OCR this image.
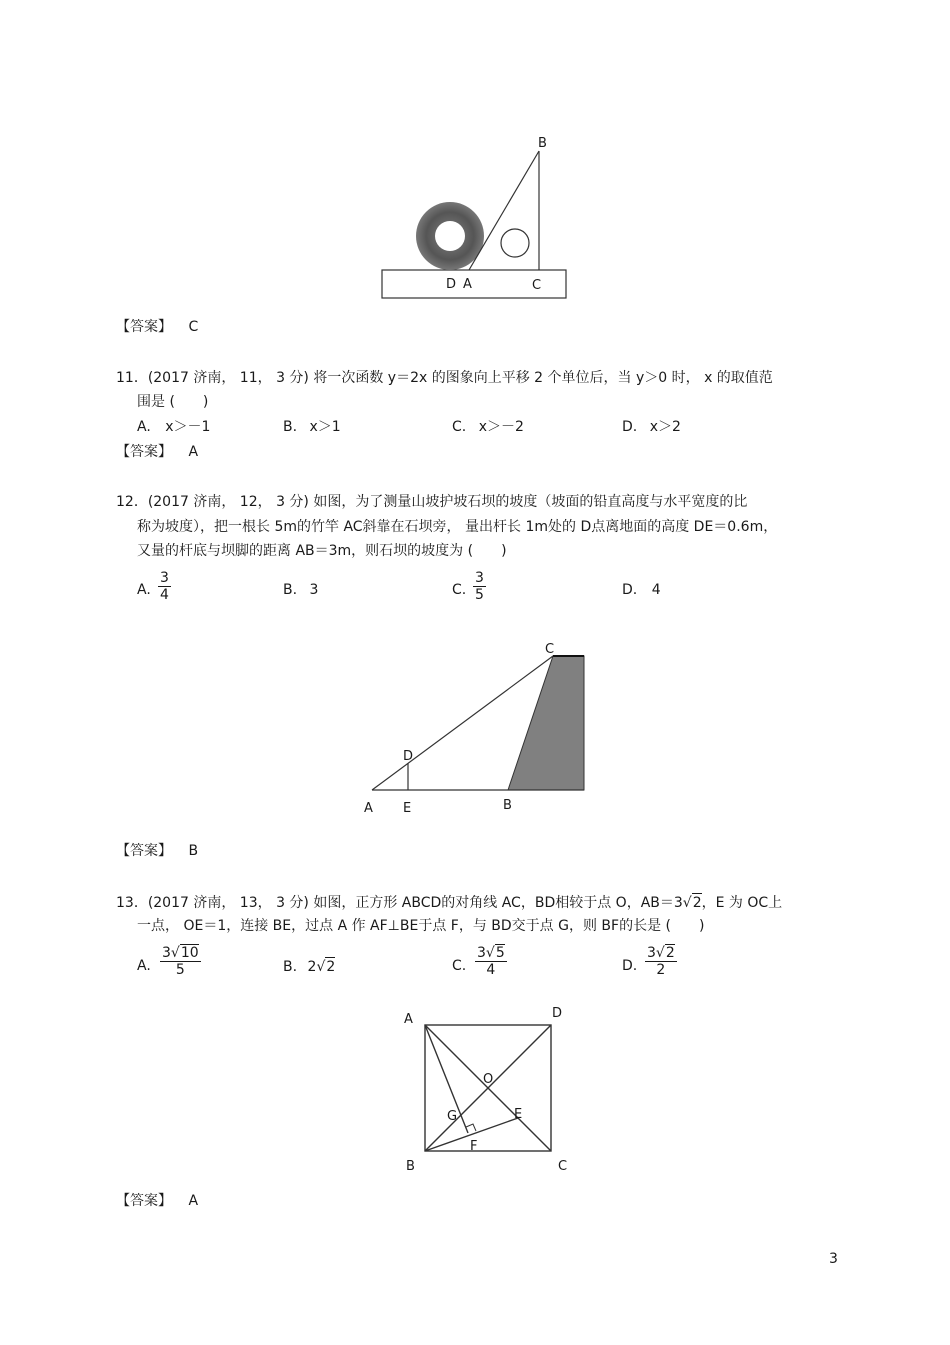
B
D A	C
【答案】 C
11．(2017 济南， 11， 3 分) 将一次函数 y＝2x 的图象向上平移 2 个单位后，当 y＞0 时， x 的取值范
围是 (　　)
A. x＞－1	B. x＞1	C. x＞－2	D. x＞2
【答案】 A
12．(2017 济南， 12， 3 分) 如图，为了测量山坡护坡石坝的坡度（坡面的铅直高度与水平宽度的比
称为坡度），把一根长 5m的竹竿 AC斜靠在石坝旁， 量出杆长 1m处的 D点离地面的高度 DE＝0.6m，
又量的杆底与坝脚的距离 AB＝3m，则石坝的坡度为 (　　)
A. $\frac{3}{4}$	B. 3	C. $\frac{3}{5}$	D. 4
C
D
A E	B
【答案】 B
13．(2017 济南， 13， 3 分) 如图，正方形 ABCD的对角线 AC，BD相较于点 O，AB＝3√2，E 为 OC上
一点， OE＝1，连接 BE，过点 A 作 AF⊥BE于点 F，与 BD交于点 G，则 BF的长是 (　　)
A. $\frac{3√10}{5}$	B. 2√2	C. $\frac{3√5}{4}$	D. $\frac{3√2}{2}$
A	D
O
G	E
F
B	C
【答案】 A
3
